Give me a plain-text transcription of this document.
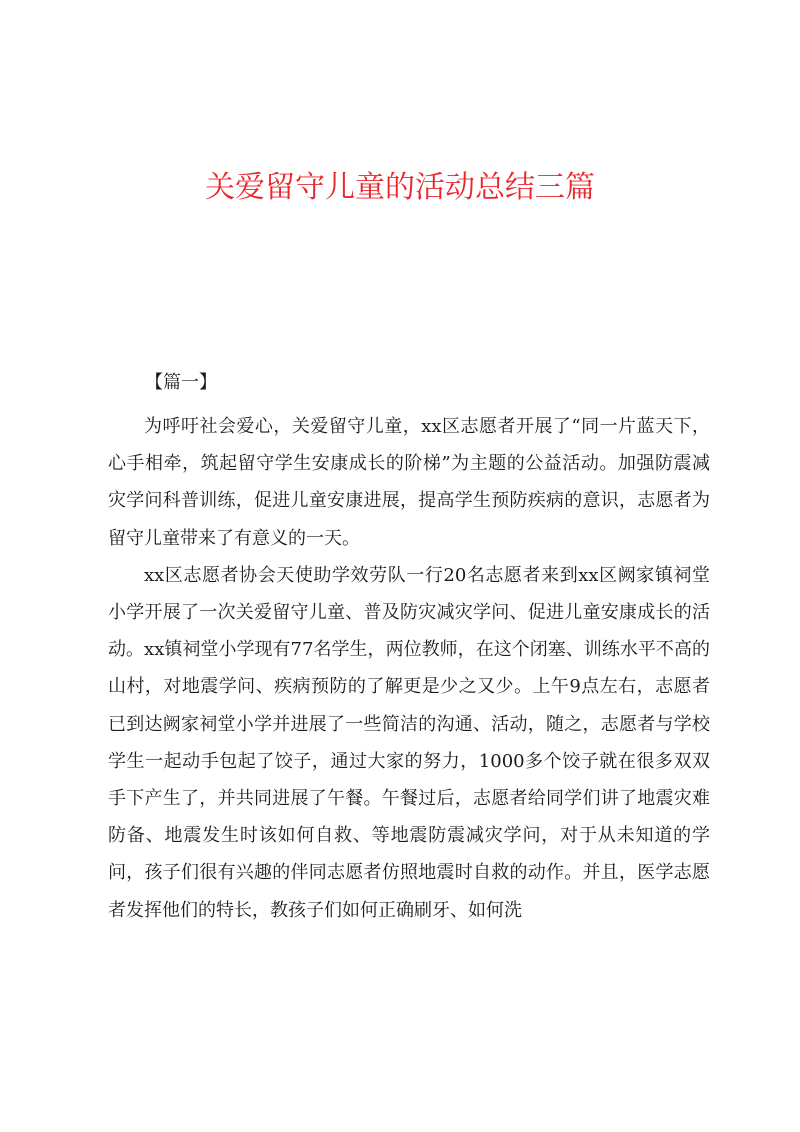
关爱留守儿童的活动总结三篇
【篇一】

为呼吁社会爱心，关爱留守儿童，xx区志愿者开展了“同一片蓝天下，心手相牵，筑起留守学生安康成长的阶梯”为主题的公益活动。加强防震减灾学问科普训练，促进儿童安康进展，提高学生预防疾病的意识，志愿者为留守儿童带来了有意义的一天。

xx区志愿者协会天使助学效劳队一行20名志愿者来到xx区阙家镇祠堂小学开展了一次关爱留守儿童、普及防灾减灾学问、促进儿童安康成长的活动。xx镇祠堂小学现有77名学生，两位教师，在这个闭塞、训练水平不高的山村，对地震学问、疾病预防的了解更是少之又少。上午9点左右，志愿者已到达阙家祠堂小学并进展了一些简洁的沟通、活动，随之，志愿者与学校学生一起动手包起了饺子，通过大家的努力，1000多个饺子就在很多双双手下产生了，并共同进展了午餐。午餐过后，志愿者给同学们讲了地震灾难防备、地震发生时该如何自救、等地震防震减灾学问，对于从未知道的学问，孩子们很有兴趣的伴同志愿者仿照地震时自救的动作。并且，医学志愿者发挥他们的特长，教孩子们如何正确刷牙、如何洗
